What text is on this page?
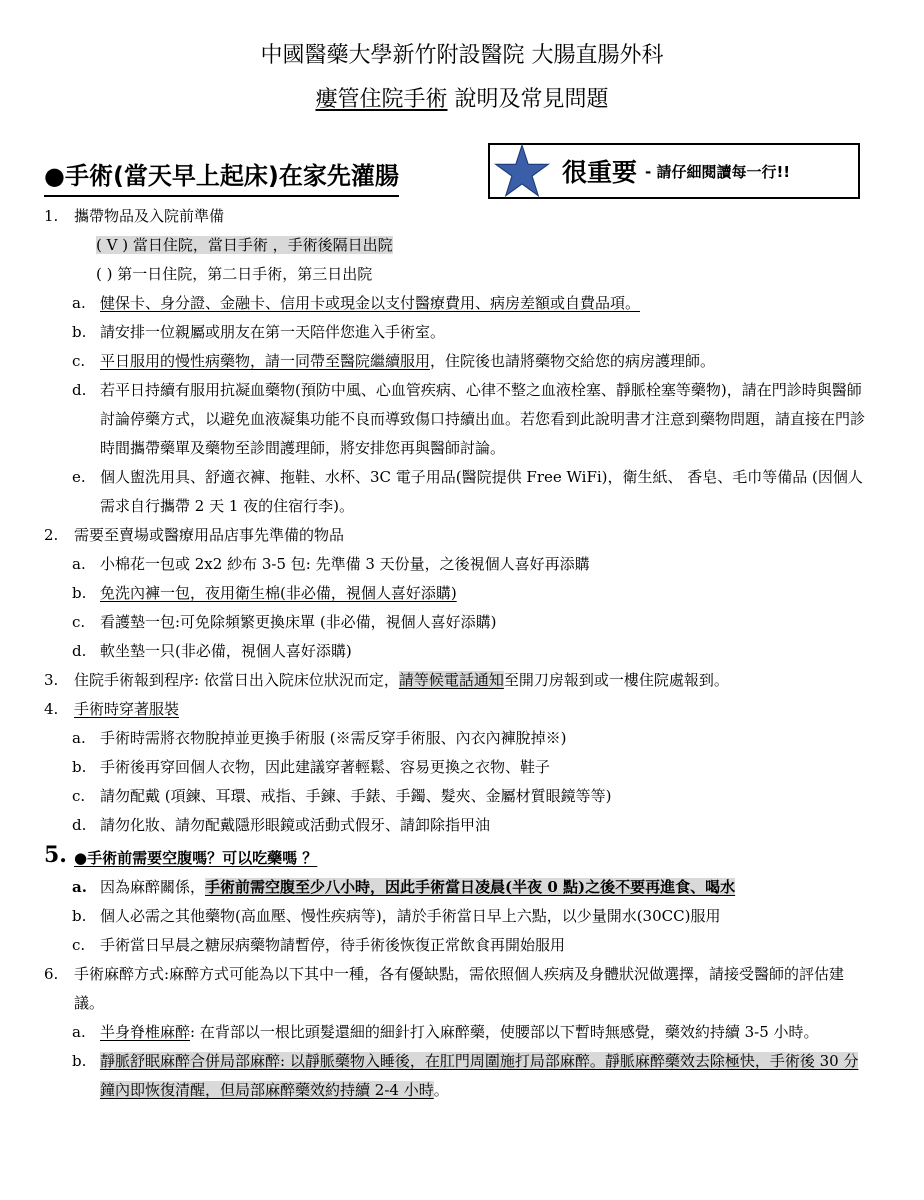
中國醫藥大學新竹附設醫院 大腸直腸外科
瘻管住院手術 說明及常見問題
●手術(當天早上起床)在家先灌腸	很重要 - 請仔細閱讀每一行!!
1. 攜帶物品及入院前準備
( V ) 當日住院，當日手術 ，手術後隔日出院
( ) 第一日住院，第二日手術，第三日出院
a. 健保卡、身分證、金融卡、信用卡或現金以支付醫療費用、病房差額或自費品項。
b. 請安排一位親屬或朋友在第一天陪伴您進入手術室。
c. 平日服用的慢性病藥物，請一同帶至醫院繼續服用，住院後也請將藥物交給您的病房護理師。
d. 若平日持續有服用抗凝血藥物(預防中風、心血管疾病、心律不整之血液栓塞、靜脈栓塞等藥物)，請在門診時與醫師討論停藥方式，以避免血液凝集功能不良而導致傷口持續出血。若您看到此說明書才注意到藥物問題，請直接在門診時間攜帶藥單及藥物至診間護理師，將安排您再與醫師討論。
e. 個人盥洗用具、舒適衣褲、拖鞋、水杯、3C 電子用品(醫院提供 Free WiFi)，衛生紙、 香皂、毛巾等備品 (因個人需求自行攜帶 2 天 1 夜的住宿行李)。
2. 需要至賣場或醫療用品店事先準備的物品
a. 小棉花一包或 2x2 紗布 3-5 包: 先準備 3 天份量，之後視個人喜好再添購
b. 免洗內褲一包，夜用衛生棉(非必備，視個人喜好添購)
c. 看護墊一包:可免除頻繁更換床單 (非必備，視個人喜好添購)
d. 軟坐墊一只(非必備，視個人喜好添購)
3. 住院手術報到程序: 依當日出入院床位狀況而定，請等候電話通知至開刀房報到或一樓住院處報到。
4. 手術時穿著服裝
a. 手術時需將衣物脫掉並更換手術服 (※需反穿手術服、內衣內褲脫掉※)
b. 手術後再穿回個人衣物，因此建議穿著輕鬆、容易更換之衣物、鞋子
c. 請勿配戴 (項鍊、耳環、戒指、手鍊、手錶、手鐲、髮夾、金屬材質眼鏡等等)
d. 請勿化妝、請勿配戴隱形眼鏡或活動式假牙、請卸除指甲油
5. ●手術前需要空腹嗎？可以吃藥嗎 ？
a. 因為麻醉關係，手術前需空腹至少八小時，因此手術當日凌晨(半夜 0 點)之後不要再進食、喝水
b. 個人必需之其他藥物(高血壓、慢性疾病等)，請於手術當日早上六點，以少量開水(30CC)服用
c. 手術當日早晨之糖尿病藥物請暫停，待手術後恢復正常飲食再開始服用
6. 手術麻醉方式:麻醉方式可能為以下其中一種，各有優缺點，需依照個人疾病及身體狀況做選擇，請接受醫師的評估建議。
a. 半身脊椎麻醉: 在背部以一根比頭髮還細的細針打入麻醉藥，使腰部以下暫時無感覺，藥效約持續 3-5 小時。
b. 靜脈舒眠麻醉合併局部麻醉: 以靜脈藥物入睡後，在肛門周圍施打局部麻醉。靜脈麻醉藥效去除極快，手術後 30 分鐘內即恢復清醒，但局部麻醉藥效約持續 2-4 小時。
